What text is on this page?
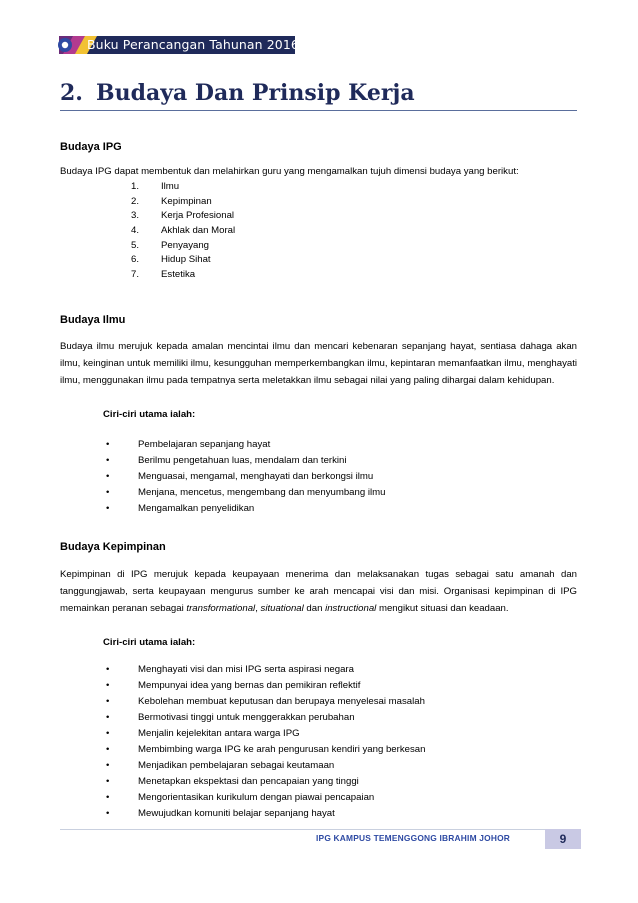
Buku Perancangan Tahunan 2016
2. Budaya Dan Prinsip Kerja
Budaya IPG
Budaya IPG dapat membentuk dan melahirkan guru yang mengamalkan tujuh dimensi budaya yang berikut:
1. Ilmu
2. Kepimpinan
3. Kerja Profesional
4. Akhlak dan Moral
5. Penyayang
6. Hidup Sihat
7. Estetika
Budaya Ilmu
Budaya ilmu merujuk kepada amalan mencintai ilmu dan mencari kebenaran sepanjang hayat, sentiasa dahaga akan ilmu, keinginan untuk memiliki ilmu, kesungguhan memperkembangkan ilmu, kepintaran memanfaatkan ilmu, menghayati ilmu, menggunakan ilmu pada tempatnya serta meletakkan ilmu sebagai nilai yang paling dihargai dalam kehidupan.
Ciri-ciri utama ialah:
• Pembelajaran sepanjang hayat
• Berilmu pengetahuan luas, mendalam dan terkini
• Menguasai, mengamal, menghayati dan berkongsi ilmu
• Menjana, mencetus, mengembang dan menyumbang ilmu
• Mengamalkan penyelidikan
Budaya Kepimpinan
Kepimpinan di IPG merujuk kepada keupayaan menerima dan melaksanakan tugas sebagai satu amanah dan tanggungjawab, serta keupayaan mengurus sumber ke arah mencapai visi dan misi. Organisasi kepimpinan di IPG memainkan peranan sebagai transformational, situational dan instructional mengikut situasi dan keadaan.
Ciri-ciri utama ialah:
• Menghayati visi dan misi IPG serta aspirasi negara
• Mempunyai idea yang bernas dan pemikiran reflektif
• Kebolehan membuat keputusan dan berupaya menyelesai masalah
• Bermotivasi tinggi untuk menggerakkan perubahan
• Menjalin kejelekitan antara warga IPG
• Membimbing warga IPG ke arah pengurusan kendiri yang berkesan
• Menjadikan pembelajaran sebagai keutamaan
• Menetapkan ekspektasi dan pencapaian yang tinggi
• Mengorientasikan kurikulum dengan piawai pencapaian
• Mewujudkan komuniti belajar sepanjang hayat
IPG KAMPUS TEMENGGONG IBRAHIM JOHOR	9
